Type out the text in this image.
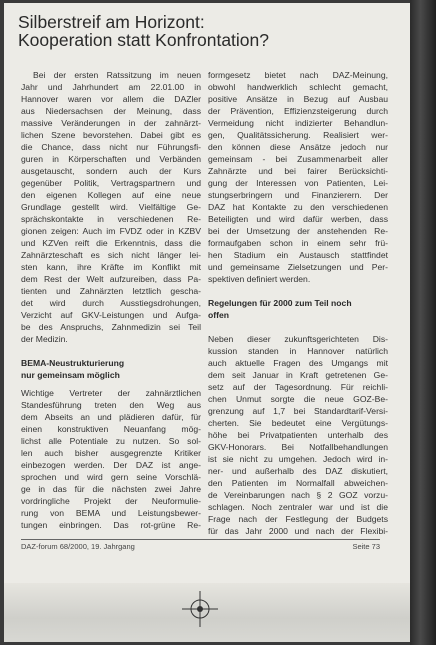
Silberstreif am Horizont:
Kooperation statt Konfrontation?
Bei der ersten Ratssitzung im neuen
Jahr und Jahrhundert am 22.01.00 in
Hannover waren vor allem die DAZler
aus Niedersachsen der Meinung, dass
massive Veränderungen in der zahnärzt-
lichen Szene bevorstehen. Dabei gibt es
die Chance, dass nicht nur Führungsfi-
guren in Körperschaften und Verbänden
ausgetauscht, sondern auch der Kurs
gegenüber Politik, Vertragspartnern und
den eigenen Kollegen auf eine neue
Grundlage gestellt wird. Vielfältige Ge-
sprächskontakte in verschiedenen Re-
gionen zeigen: Auch im FVDZ oder in KZBV
und KZVen reift die Erkenntnis, dass die
Zahnärzteschaft es sich nicht länger lei-
sten kann, ihre Kräfte im Konflikt mit
dem Rest der Welt aufzureiben, dass Pa-
tienten und Zahnärzten letztlich gescha-
det wird durch Ausstiegsdrohungen,
Verzicht auf GKV-Leistungen und Aufga-
be des Anspruchs, Zahnmedizin sei Teil
der Medizin.
BEMA-Neustrukturierung
nur gemeinsam möglich
Wichtige Vertreter der zahnärztlichen
Standesführung treten den Weg aus
dem Abseits an und plädieren dafür, für
einen konstruktiven Neuanfang mög-
lichst alle Potentiale zu nutzen. So sol-
len auch bisher ausgegrenzte Kritiker
einbezogen werden. Der DAZ ist ange-
sprochen und wird gern seine Vorschlä-
ge in das für die nächsten zwei Jahre
vordringliche Projekt der Neuformulie-
rung von BEMA und Leistungsbewer-
tungen einbringen. Das rot-grüne Re-
formgesetz bietet nach DAZ-Meinung,
obwohl handwerklich schlecht gemacht,
positive Ansätze in Bezug auf Ausbau
der Prävention, Effizienzsteigerung durch
Vermeidung nicht indizierter Behandlun-
gen, Qualitätssicherung. Realisiert wer-
den können diese Ansätze jedoch nur
gemeinsam - bei Zusammenarbeit aller
Zahnärzte und bei fairer Berücksichti-
gung der Interessen von Patienten, Lei-
stungserbringern und Finanzierern. Der
DAZ hat Kontakte zu den verschiedenen
Beteiligten und wird dafür werben, dass
bei der Umsetzung der anstehenden Re-
formaufgaben schon in einem sehr frü-
hen Stadium ein Austausch stattfindet
und gemeinsame Zielsetzungen und Per-
spektiven definiert werden.
Regelungen für 2000 zum Teil noch
offen
Neben dieser zukunftsgerichteten Dis-
kussion standen in Hannover natürlich
auch aktuelle Fragen des Umgangs mit
dem seit Januar in Kraft getretenen Ge-
setz auf der Tagesordnung. Für reichli-
chen Unmut sorgte die neue GOZ-Be-
grenzung auf 1,7 bei Standardtarif-Versi-
cherten. Sie bedeutet eine Vergütungs-
höhe bei Privatpatienten unterhalb des
GKV-Honorars. Bei Notfallbehandlungen
ist sie nicht zu umgehen. Jedoch wird in-
ner- und außerhalb des DAZ diskutiert,
den Patienten im Normalfall abweichen-
de Vereinbarungen nach § 2 GOZ vorzu-
schlagen. Noch zentraler war und ist die
Frage nach der Festlegung der Budgets
für das Jahr 2000 und nach der Flexibi-
DAZ-forum 68/2000, 19. Jahrgang	Seite 73
